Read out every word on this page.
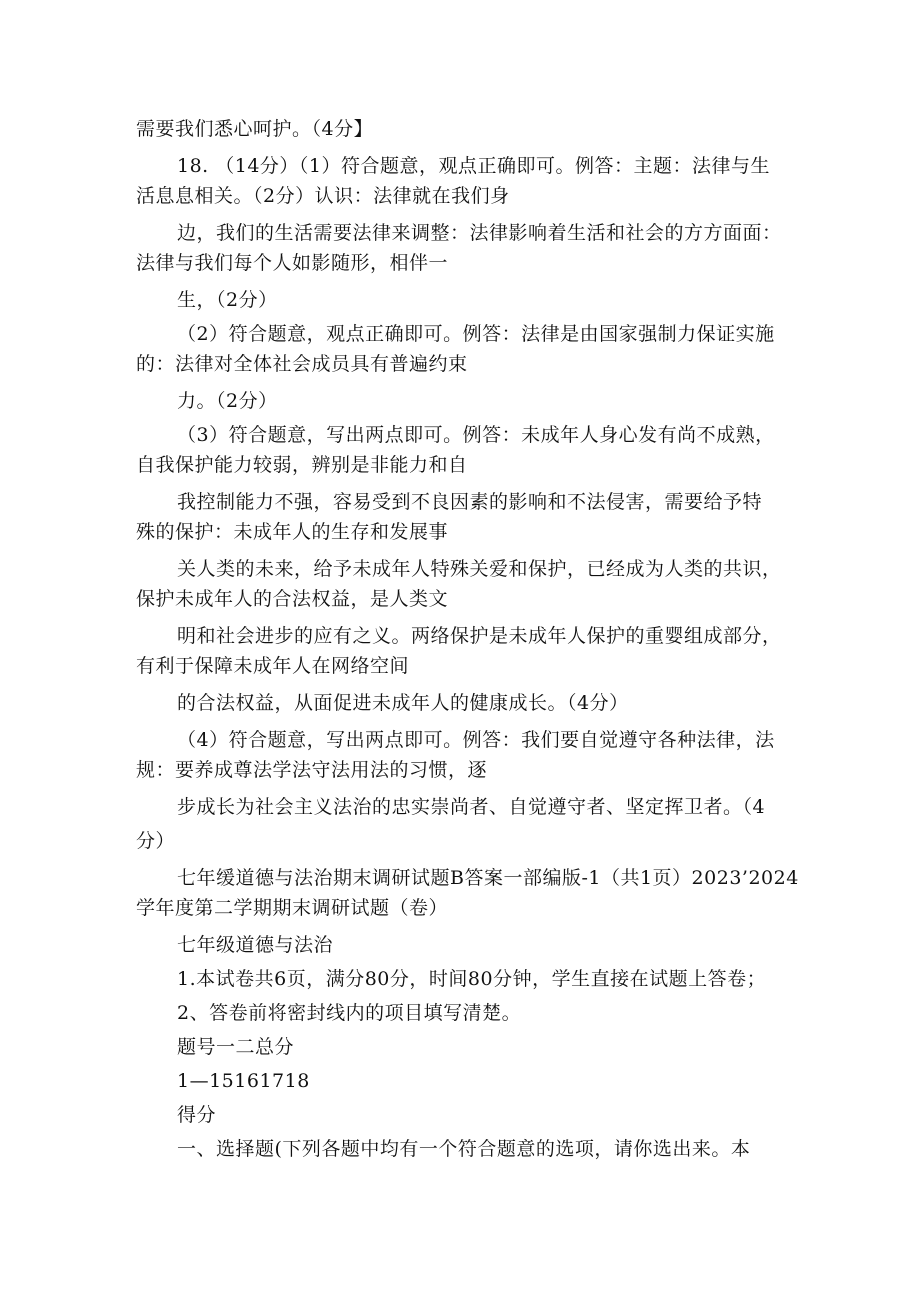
需要我们悉心呵护。（4分】
18. （14分）（1）符合题意，观点正确即可。例答：主题：法律与生
活息息相关。（2分）认识：法律就在我们身
边，我们的生活需要法律来调整：法律影响着生活和社会的方方面面：
法律与我们每个人如影随形，相伴一
生，（2分）
（2）符合题意，观点正确即可。例答：法律是由国家强制力保证实施
的：法律对全体社会成员具有普遍约束
力。（2分）
（3）符合题意，写出两点即可。例答：未成年人身心发有尚不成熟，
自我保护能力较弱，辨别是非能力和自
我控制能力不强，容易受到不良因素的影响和不法侵害，需要给予特
殊的保护：未成年人的生存和发展事
关人类的未来，给予未成年人特殊关爱和保护，已经成为人类的共识，
保护未成年人的合法权益，是人类文
明和社会进步的应有之义。两络保护是未成年人保护的重婴组成部分，
有利于保障未成年人在网络空间
的合法权益，从面促进未成年人的健康成长。（4分）
（4）符合题意，写出两点即可。例答：我们要自觉遵守各种法律，法
规：要养成尊法学法守法用法的习惯，逐
步成长为社会主义法治的忠实崇尚者、自觉遵守者、坚定挥卫者。（4
分）
七年缓道德与法治期末调研试题B答案一部编版-1（共1页）2023’2024
学年度第二学期期末调研试题（卷）
七年级道德与法治
1.本试卷共6页，满分80分，时间80分钟，学生直接在试题上答卷；
2、答卷前将密封线内的项目填写清楚。
题号一二总分
1—15161718
得分
一、选择题(下列各题中均有一个符合题意的选项，请你选出来。本
